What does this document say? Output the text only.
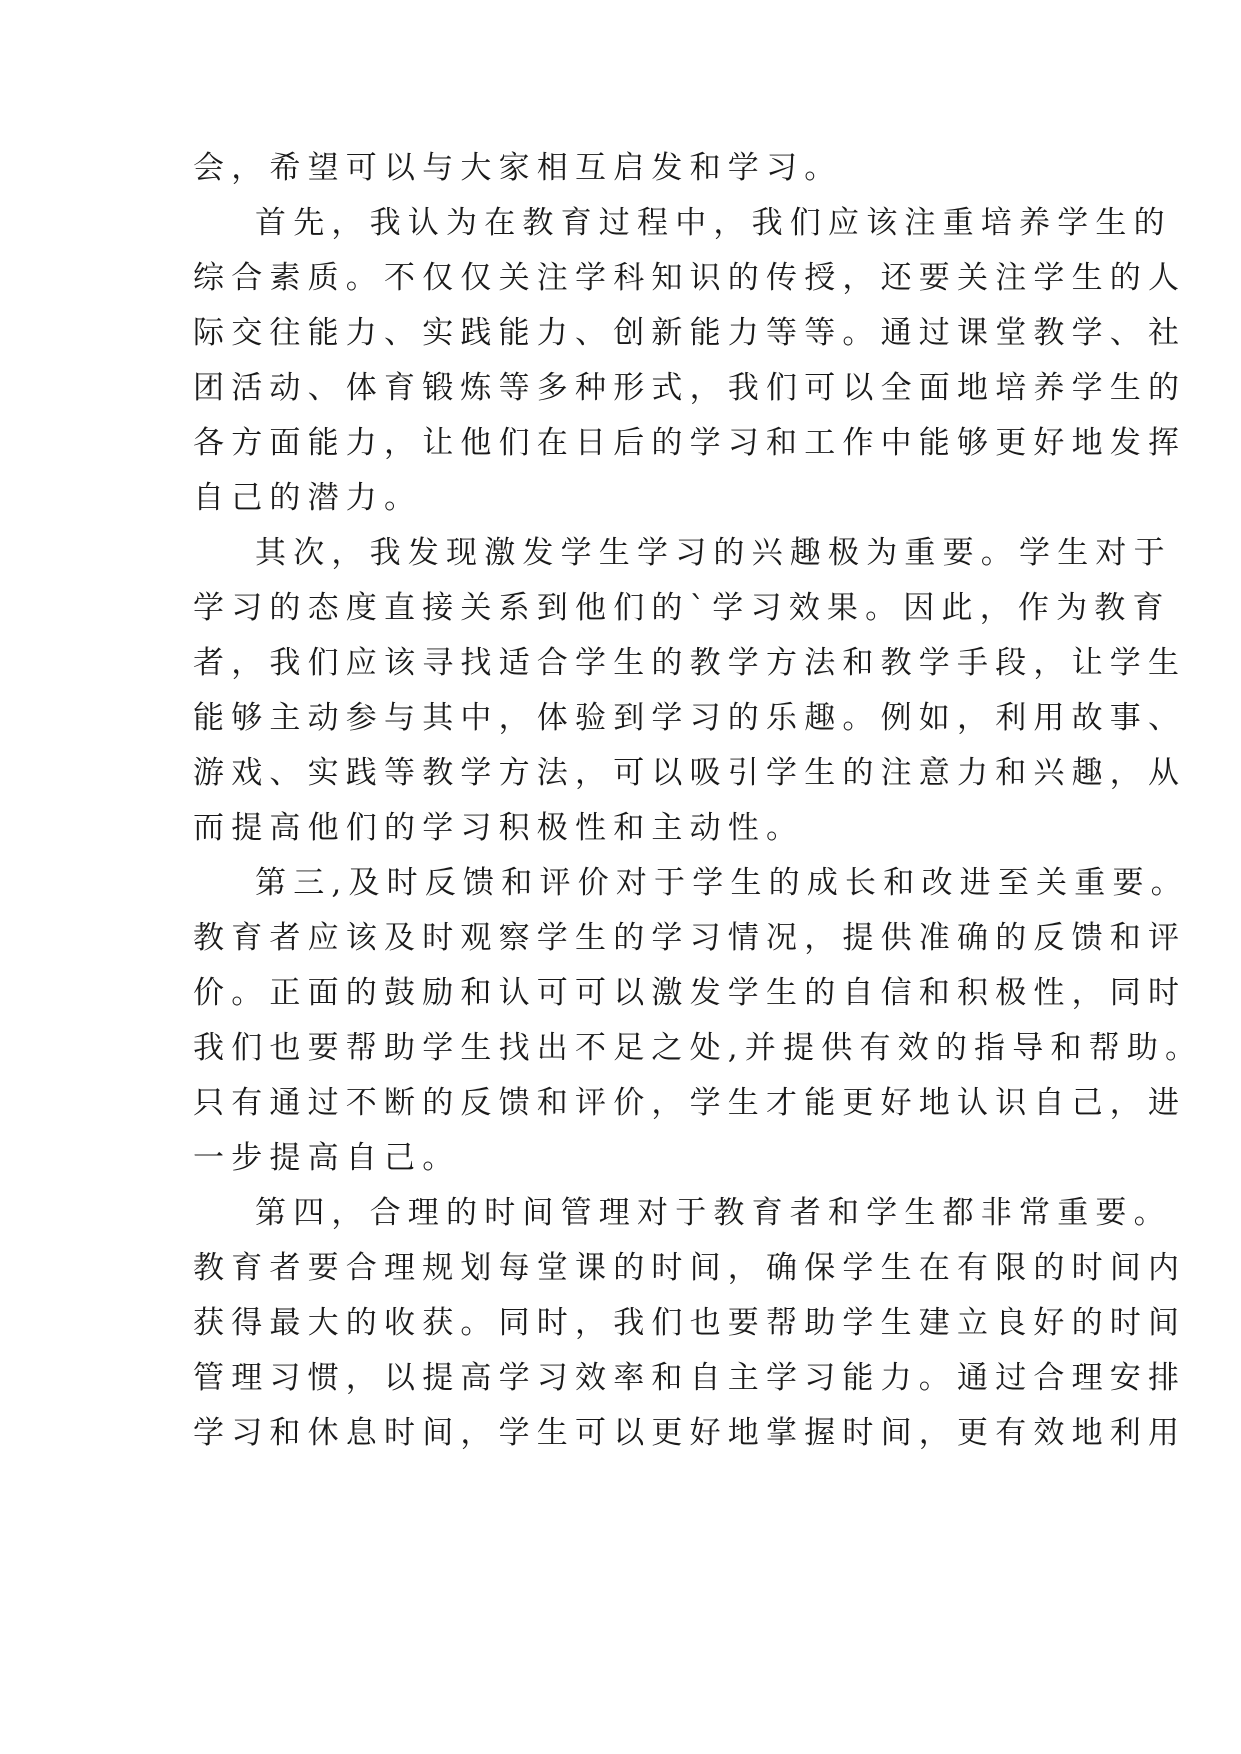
会，希望可以与大家相互启发和学习。
首先，我认为在教育过程中，我们应该注重培养学生的
综合素质。不仅仅关注学科知识的传授，还要关注学生的人
际交往能力、实践能力、创新能力等等。通过课堂教学、社
团活动、体育锻炼等多种形式，我们可以全面地培养学生的
各方面能力，让他们在日后的学习和工作中能够更好地发挥
自己的潜力。
其次，我发现激发学生学习的兴趣极为重要。学生对于
学习的态度直接关系到他们的`学习效果。因此，作为教育
者，我们应该寻找适合学生的教学方法和教学手段，让学生
能够主动参与其中，体验到学习的乐趣。例如，利用故事、
游戏、实践等教学方法，可以吸引学生的注意力和兴趣，从
而提高他们的学习积极性和主动性。
第三,及时反馈和评价对于学生的成长和改进至关重要。
教育者应该及时观察学生的学习情况，提供准确的反馈和评
价。正面的鼓励和认可可以激发学生的自信和积极性，同时
我们也要帮助学生找出不足之处,并提供有效的指导和帮助。
只有通过不断的反馈和评价，学生才能更好地认识自己，进
一步提高自己。
第四，合理的时间管理对于教育者和学生都非常重要。
教育者要合理规划每堂课的时间，确保学生在有限的时间内
获得最大的收获。同时，我们也要帮助学生建立良好的时间
管理习惯，以提高学习效率和自主学习能力。通过合理安排
学习和休息时间，学生可以更好地掌握时间，更有效地利用
